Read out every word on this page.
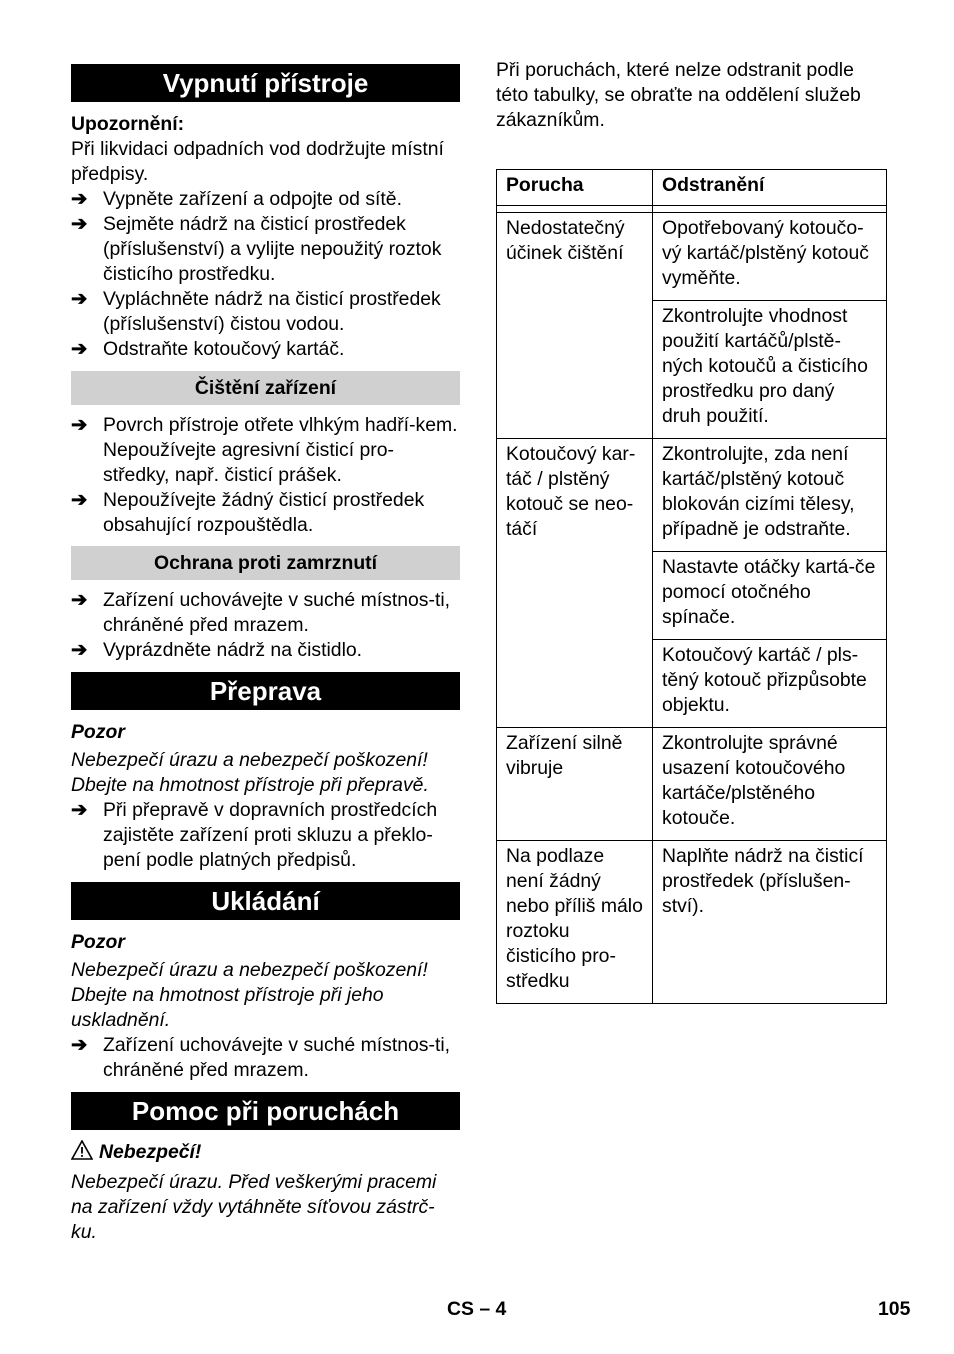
Vypnutí přístroje
Upozornění:
Při likvidaci odpadních vod dodržujte místní předpisy.
➔ Vypněte zařízení a odpojte od sítě.
➔ Sejměte nádrž na čisticí prostředek (příslušenství) a vylijte nepoužitý roztok čisticího prostředku.
➔ Vypláchněte nádrž na čisticí prostředek (příslušenství) čistou vodou.
➔ Odstraňte kotoučový kartáč.
Čištění zařízení
➔ Povrch přístroje otřete vlhkým hadří-kem. Nepoužívejte agresivní čisticí pro-středky, např. čisticí prášek.
➔ Nepoužívejte žádný čisticí prostředek obsahující rozpouštědla.
Ochrana proti zamrznutí
➔ Zařízení uchovávejte v suché místnos-ti, chráněné před mrazem.
➔ Vyprázdněte nádrž na čistidlo.
Přeprava
Pozor
Nebezpečí úrazu a nebezpečí poškození! Dbejte na hmotnost přístroje při přepravě.
➔ Při přepravě v dopravních prostředcích zajistěte zařízení proti skluzu a překlo-pení podle platných předpisů.
Ukládání
Pozor
Nebezpečí úrazu a nebezpečí poškození! Dbejte na hmotnost přístroje při jeho uskladnění.
➔ Zařízení uchovávejte v suché místnos-ti, chráněné před mrazem.
Pomoc při poruchách
Nebezpečí!
Nebezpečí úrazu. Před veškerými pracemi na zařízení vždy vytáhněte síťovou zástrč-ku.
Při poruchách, které nelze odstranit podle této tabulky, se obraťte na oddělení služeb zákazníkům.
Porucha	Odstranění

Nedostatečný účinek čištění	Opotřebovaný kotoučo-vý kartáč/plstěný kotouč vyměňte.
	Zkontrolujte vhodnost použití kartáčů/plstě-ných kotoučů a čisticího prostředku pro daný druh použití.
Kotoučový kar-táč / plstěný kotouč se neo-táčí	Zkontrolujte, zda není kartáč/plstěný kotouč blokován cizími tělesy, případně je odstraňte.
	Nastavte otáčky kartá-če pomocí otočného spínače.
	Kotoučový kartáč / pls-těný kotouč přizpůsobte objektu.
Zařízení silně vibruje	Zkontrolujte správné usazení kotoučového kartáče/plstěného kotouče.
Na podlaze není žádný nebo příliš málo roztoku čisticího pro-středku	Naplňte nádrž na čisticí prostředek (příslušen-ství).
CS – 4	105
